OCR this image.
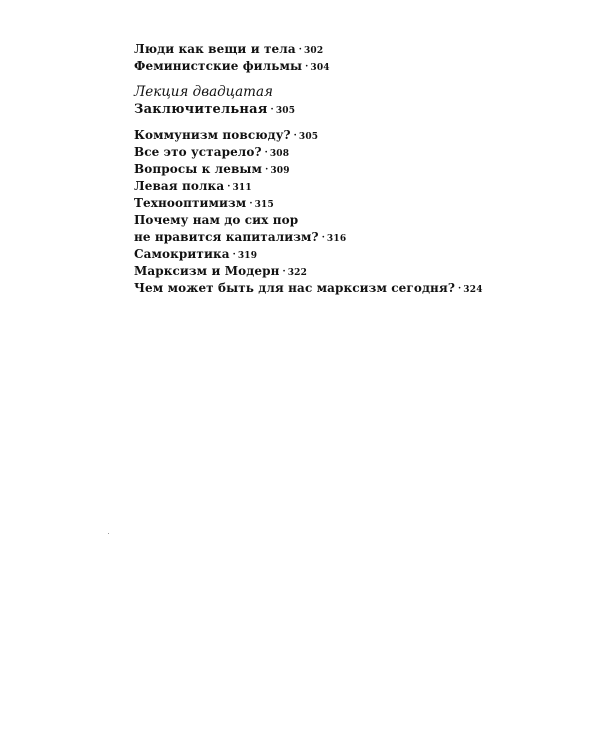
Люди как вещи и тела · 302
Феминистские фильмы · 304
Лекция двадцатая
Заключительная · 305
Коммунизм повсюду? · 305
Все это устарело? · 308
Вопросы к левым · 309
Левая полка · 311
Технооптимизм · 315
Почему нам до сих пор
не нравится капитализм? · 316
Самокритика · 319
Марксизм и Модерн · 322
Чем может быть для нас марксизм сегодня? · 324
